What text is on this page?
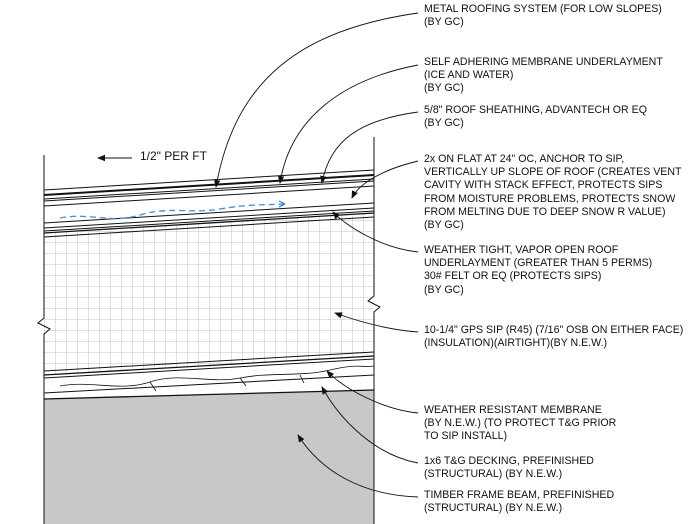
1/2" PER FT
METAL ROOFING SYSTEM (FOR LOW SLOPES)
(BY GC)
SELF ADHERING MEMBRANE UNDERLAYMENT
(ICE AND WATER)
(BY GC)
5/8" ROOF SHEATHING, ADVANTECH OR EQ
(BY GC)
2x ON FLAT AT 24" OC, ANCHOR TO SIP,
VERTICALLY UP SLOPE OF ROOF (CREATES VENT
CAVITY WITH STACK EFFECT, PROTECTS SIPS
FROM MOISTURE PROBLEMS, PROTECTS SNOW
FROM MELTING DUE TO DEEP SNOW R VALUE)
(BY GC)
WEATHER TIGHT, VAPOR OPEN ROOF
UNDERLAYMENT (GREATER THAN 5 PERMS)
30# FELT OR EQ (PROTECTS SIPS)
(BY GC)
10-1/4" GPS SIP (R45) (7/16" OSB ON EITHER FACE)
(INSULATION)(AIRTIGHT)(BY N.E.W.)
WEATHER RESISTANT MEMBRANE
(BY N.E.W.) (TO PROTECT T&G PRIOR
TO SIP INSTALL)
1x6 T&G DECKING, PREFINISHED
(STRUCTURAL) (BY N.E.W.)
TIMBER FRAME BEAM, PREFINISHED
(STRUCTURAL) (BY N.E.W.)
